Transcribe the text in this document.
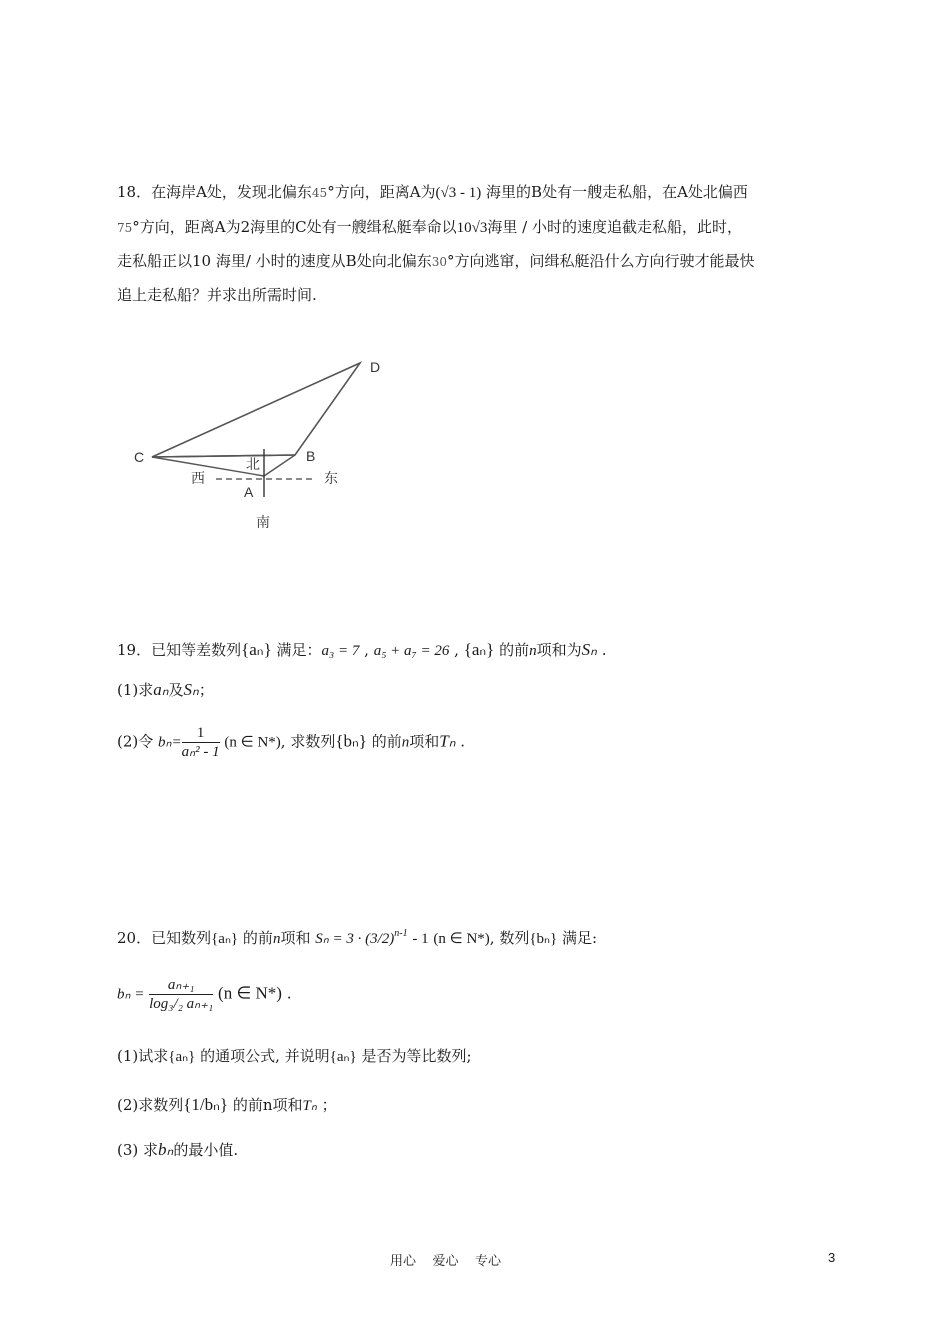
18．在海岸A处，发现北偏东45°方向，距离A为(√3 - 1) 海里的B处有一艘走私船，在A处北偏西
75°方向，距离A为2海里的C处有一艘缉私艇奉命以10√3海里 / 小时的速度追截走私船，此时，
走私船正以10 海里/ 小时的速度从B处向北偏东30°方向逃窜，问缉私艇沿什么方向行驶才能最快
追上走私船？并求出所需时间.
C	B
D
A
北
南
西	东
19．已知等差数列{aₙ} 满足：a₃ = 7 , a₅ + a₇ = 26 , {aₙ} 的前n项和为Sₙ .
(1)求aₙ及Sₙ；
(2)令 $b_n= \frac{1}{\text{aₙ² - 1}} (n$ ∈ N*), 求数列{bₙ} 的前n项和Tₙ .
20．已知数列{aₙ} 的前n项和 $S_n = 3 \cdot (3/2)^{n-1} - 1$ (n ∈ N*), 数列{bₙ} 满足:
$b_n = \frac{\text{aₙ₊₁}}{\text{log₃/₂ aₙ₊₁}} (n$ ∈ N*) .
(1)试求{aₙ} 的通项公式, 并说明{aₙ} 是否为等比数列;
(2)求数列{1/bₙ} 的前n项和Tₙ ；
(3) 求bₙ的最小值.
用心    爱心    专心	3
